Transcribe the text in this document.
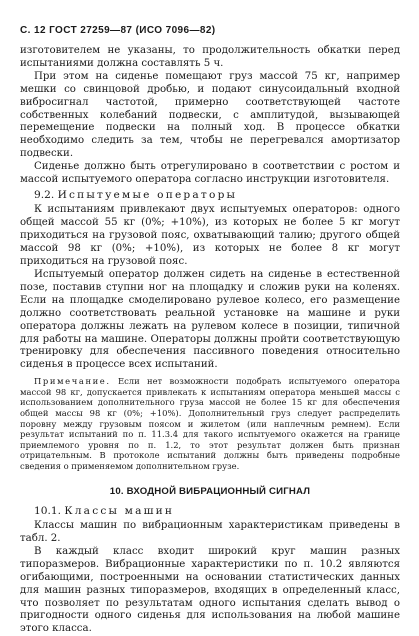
С. 12 ГОСТ 27259—87 (ИСО 7096—82)

изготовителем не указаны, то продолжительность обкатки перед испытаниями должна составлять 5 ч.

При этом на сиденье помещают груз массой 75 кг, например мешки со свинцовой дробью, и подают синусоидальный входной вибросигнал частотой, примерно соответствующей частоте собственных колебаний подвески, с амплитудой, вызывающей перемещение подвески на полный ход. В процессе обкатки необходимо следить за тем, чтобы не перегревался амортизатор подвески.

Сиденье должно быть отрегулировано в соответствии с ростом и массой испытуемого оператора согласно инструкции изготовителя.

9.2. Испытуемые операторы

К испытаниям привлекают двух испытуемых операторов: одного общей массой 55 кг (0%; +10%), из которых не более 5 кг могут приходиться на грузовой пояс, охватывающий талию; другого общей массой 98 кг (0%; +10%), из которых не более 8 кг могут приходиться на грузовой пояс.

Испытуемый оператор должен сидеть на сиденье в естественной позе, поставив ступни ног на площадку и сложив руки на коленях. Если на площадке смоделировано рулевое колесо, его размещение должно соответствовать реальной установке на машине и руки оператора должны лежать на рулевом колесе в позиции, типичной для работы на машине. Операторы должны пройти соответствующую тренировку для обеспечения пассивного поведения относительно сиденья в процессе всех испытаний.

Примечание. Если нет возможности подобрать испытуемого оператора массой 98 кг, допускается привлекать к испытаниям оператора меньшей массы с использованием дополнительного груза массой не более 15 кг для обеспечения общей массы 98 кг (0%; +10%). Дополнительный груз следует распределить поровну между грузовым поясом и жилетом (или наплечным ремнем). Если результат испытаний по п. 11.3.4 для такого испытуемого окажется на границе приемлемого уровня по п. 1.2, то этот результат должен быть признан отрицательным. В протоколе испытаний должны быть приведены подробные сведения о применяемом дополнительном грузе.

10. ВХОДНОЙ ВИБРАЦИОННЫЙ СИГНАЛ
10.1. Классы машин

Классы машин по вибрационным характеристикам приведены в табл. 2.

В каждый класс входит широкий круг машин разных типоразмеров. Вибрационные характеристики по п. 10.2 являются огибающими, построенными на основании статистических данных для машин разных типоразмеров, входящих в определенный класс, что позволяет по результатам одного испытания сделать вывод о пригодности одного сиденья для использования на любой машине этого класса.
